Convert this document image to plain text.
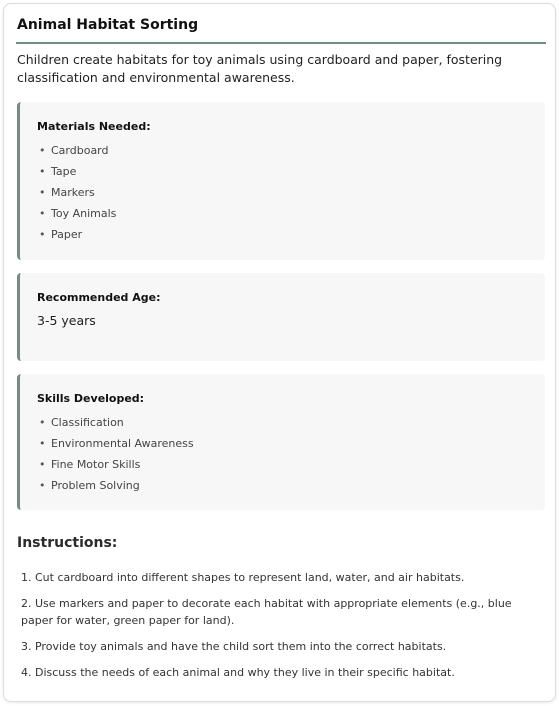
Animal Habitat Sorting
Children create habitats for toy animals using cardboard and paper, fostering classification and environmental awareness.
Materials Needed:
• Cardboard
• Tape
• Markers
• Toy Animals
• Paper
Recommended Age:
3-5 years
Skills Developed:
• Classification
• Environmental Awareness
• Fine Motor Skills
• Problem Solving
Instructions:
1. Cut cardboard into different shapes to represent land, water, and air habitats.
2. Use markers and paper to decorate each habitat with appropriate elements (e.g., blue paper for water, green paper for land).
3. Provide toy animals and have the child sort them into the correct habitats.
4. Discuss the needs of each animal and why they live in their specific habitat.
